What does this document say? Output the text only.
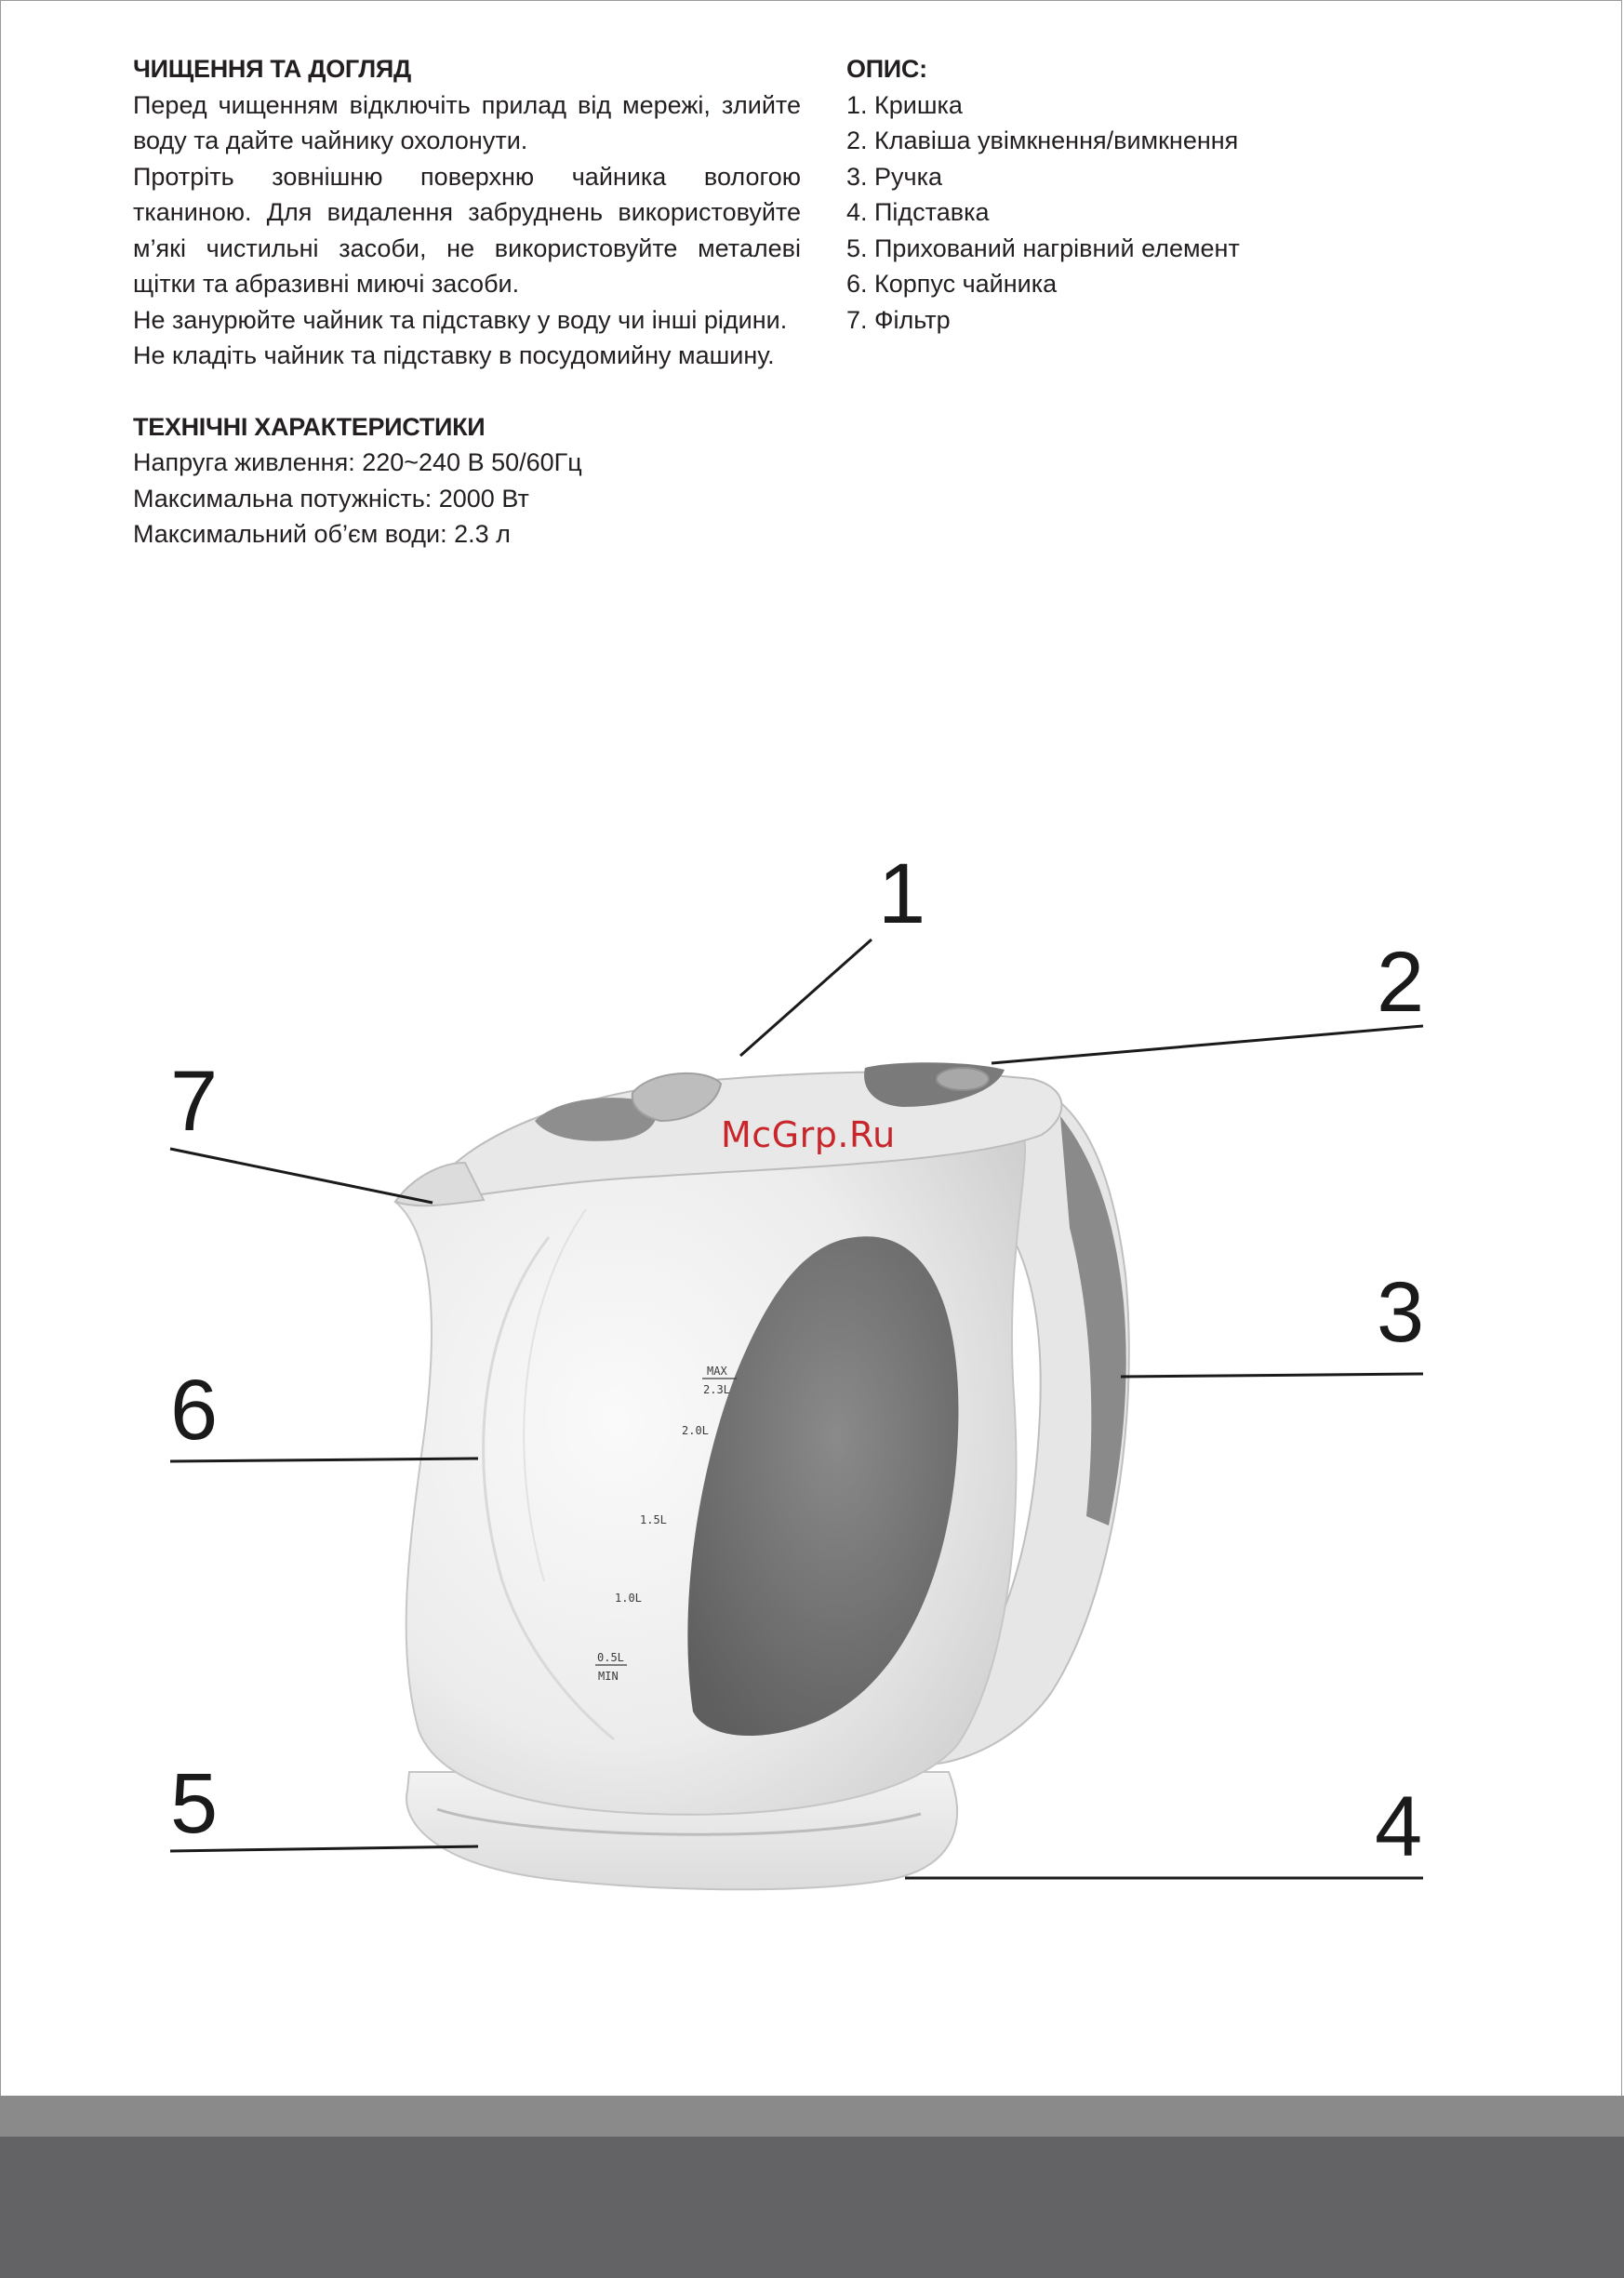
ЧИЩЕННЯ ТА ДОГЛЯД

Перед чищенням відключіть прилад від мережі, злийте воду та дайте чайнику охолонути.

Протріть зовнішню поверхню чайника вологою тканиною. Для видалення забруднень використовуйте м’які чистильні засоби, не використовуйте металеві щітки та абразивні миючі засоби.

Не занурюйте чайник та підставку у воду чи інші рідини.

Не кладіть чайник та підставку в посудомийну машину.

ТЕХНІЧНІ ХАРАКТЕРИСТИКИ

Напруга живлення: 220~240 В 50/60Гц

Максимальна потужність: 2000 Вт

Максимальний об’єм води: 2.3 л

ОПИС:

1. Кришка

2. Клавіша увімкнення/вимкнення

3. Ручка

4. Підставка

5. Прихований нагрівний елемент

6. Корпус чайника

7. Фільтр

MAX
2.3L
2.0L
1.5L
1.0L
0.5L
MIN
1
2
3
4
5
6
7	McGrp.Ru
